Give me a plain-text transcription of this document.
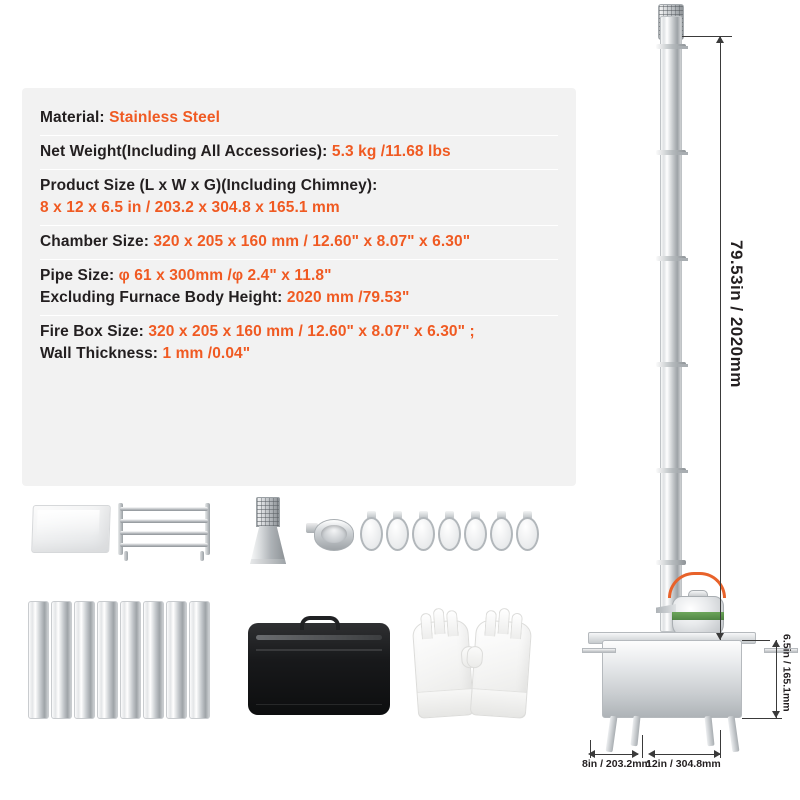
Material: Stainless Steel
Net Weight(Including All Accessories): 5.3 kg /11.68 lbs
Product Size (L x W x G)(Including Chimney):
8 x 12 x 6.5 in / 203.2 x 304.8 x 165.1 mm
Chamber Size: 320 x 205 x 160 mm / 12.60" x 8.07" x 6.30"
Pipe Size: φ 61 x 300mm /φ 2.4" x 11.8"
Excluding Furnace Body Height: 2020 mm /79.53"
Fire Box Size: 320 x 205 x 160 mm / 12.60" x 8.07" x 6.30" ;
Wall Thickness: 1 mm /0.04"	79.53in / 2020mm
6.5in / 165.1mm
8in / 203.2mm
12in / 304.8mm
